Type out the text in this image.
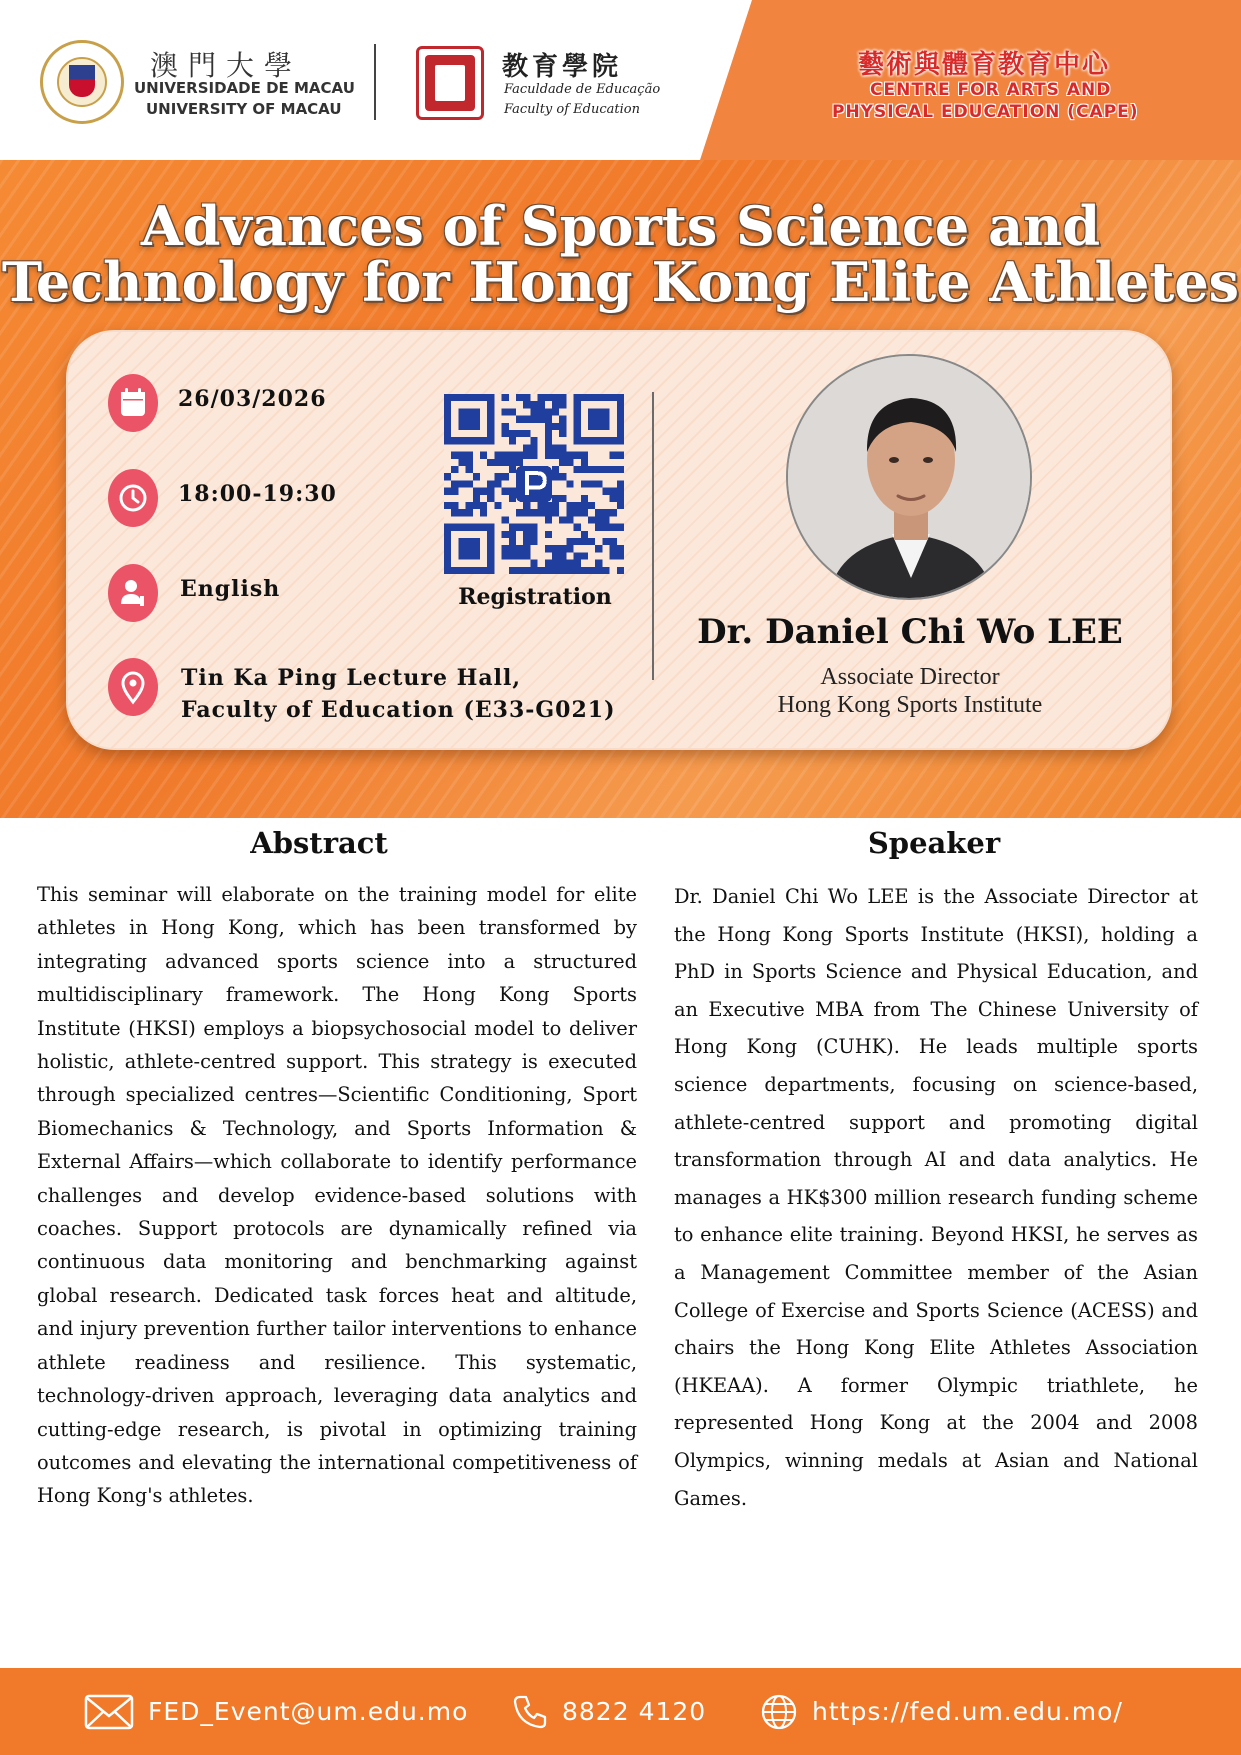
澳門大學
UNIVERSIDADE DE MACAU
UNIVERSITY OF MACAU
教育學院
Faculdade de Educação
Faculty of Education
藝術與體育教育中心
CENTRE FOR ARTS AND
PHYSICAL EDUCATION (CAPE)
Advances of Sports Science and
Technology for Hong Kong Elite Athletes
26/03/2026
18:00-19:30
English
Tin Ka Ping Lecture Hall,
Faculty of Education (E33-G021)
Registration
Dr. Daniel Chi Wo LEE
Associate Director
Hong Kong Sports Institute
Abstract

This seminar will elaborate on the training model for elite athletes in Hong Kong, which has been transformed by integrating advanced sports science into a structured multidisciplinary framework. The Hong Kong Sports Institute (HKSI) employs a biopsychosocial model to deliver holistic, athlete-centred support. This strategy is executed through specialized centres—Scientific Conditioning, Sport Biomechanics & Technology, and Sports Information & External Affairs—which collaborate to identify performance challenges and develop evidence-based solutions with coaches. Support protocols are dynamically refined via continuous data monitoring and benchmarking against global research. Dedicated task forces heat and altitude, and injury prevention further tailor interventions to enhance athlete readiness and resilience. This systematic, technology-driven approach, leveraging data analytics and cutting-edge research, is pivotal in optimizing training outcomes and elevating the international competitiveness of Hong Kong's athletes.

Speaker

Dr. Daniel Chi Wo LEE is the Associate Director at the Hong Kong Sports Institute (HKSI), holding a PhD in Sports Science and Physical Education, and an Executive MBA from The Chinese University of Hong Kong (CUHK). He leads multiple sports science departments, focusing on science-based, athlete-centred support and promoting digital transformation through AI and data analytics. He manages a HK$300 million research funding scheme to enhance elite training. Beyond HKSI, he serves as a Management Committee member of the Asian College of Exercise and Sports Science (ACESS) and chairs the Hong Kong Elite Athletes Association (HKEAA). A former Olympic triathlete, he represented Hong Kong at the 2004 and 2008 Olympics, winning medals at Asian and National Games.

FED_Event@um.edu.mo	8822 4120	https://fed.um.edu.mo/
